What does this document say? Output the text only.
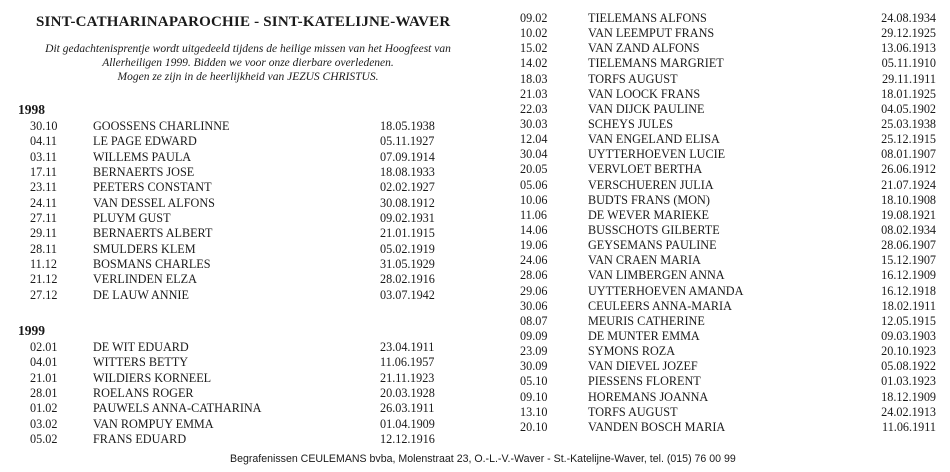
SINT-CATHARINAPAROCHIE - SINT-KATELIJNE-WAVER

Dit gedachtenisprentje wordt uitgedeeld tijdens de heilige missen van het Hoogfeest van

Allerheiligen 1999. Bidden we voor onze dierbare overledenen.

Mogen ze zijn in de heerlijkheid van JEZUS CHRISTUS.

1998
30.10	GOOSSENS CHARLINNE	18.05.1938
04.11	LE PAGE EDWARD	05.11.1927
03.11	WILLEMS PAULA	07.09.1914
17.11	BERNAERTS JOSE	18.08.1933
23.11	PEETERS CONSTANT	02.02.1927
24.11	VAN DESSEL ALFONS	30.08.1912
27.11	PLUYM GUST	09.02.1931
29.11	BERNAERTS ALBERT	21.01.1915
28.11	SMULDERS KLEM	05.02.1919
11.12	BOSMANS CHARLES	31.05.1929
21.12	VERLINDEN ELZA	28.02.1916
27.12	DE LAUW ANNIE	03.07.1942
1999
02.01	DE WIT EDUARD	23.04.1911
04.01	WITTERS BETTY	11.06.1957
21.01	WILDIERS KORNEEL	21.11.1923
28.01	ROELANS ROGER	20.03.1928
01.02	PAUWELS ANNA-CATHARINA	26.03.1911
03.02	VAN ROMPUY EMMA	01.04.1909
05.02	FRANS EDUARD	12.12.1916
09.02	TIELEMANS ALFONS	24.08.1934
10.02	VAN LEEMPUT FRANS	29.12.1925
15.02	VAN ZAND ALFONS	13.06.1913
14.02	TIELEMANS MARGRIET	05.11.1910
18.03	TORFS AUGUST	29.11.1911
21.03	VAN LOOCK FRANS	18.01.1925
22.03	VAN DIJCK PAULINE	04.05.1902
30.03	SCHEYS JULES	25.03.1938
12.04	VAN ENGELAND ELISA	25.12.1915
30.04	UYTTERHOEVEN LUCIE	08.01.1907
20.05	VERVLOET BERTHA	26.06.1912
05.06	VERSCHUEREN JULIA	21.07.1924
10.06	BUDTS FRANS (MON)	18.10.1908
11.06	DE WEVER MARIEKE	19.08.1921
14.06	BUSSCHOTS GILBERTE	08.02.1934
19.06	GEYSEMANS PAULINE	28.06.1907
24.06	VAN CRAEN MARIA	15.12.1907
28.06	VAN LIMBERGEN ANNA	16.12.1909
29.06	UYTTERHOEVEN AMANDA	16.12.1918
30.06	CEULEERS ANNA-MARIA	18.02.1911
08.07	MEURIS CATHERINE	12.05.1915
09.09	DE MUNTER EMMA	09.03.1903
23.09	SYMONS ROZA	20.10.1923
30.09	VAN DIEVEL JOZEF	05.08.1922
05.10	PIESSENS FLORENT	01.03.1923
09.10	HOREMANS JOANNA	18.12.1909
13.10	TORFS AUGUST	24.02.1913
20.10	VANDEN BOSCH MARIA	11.06.1911
Begrafenissen CEULEMANS bvba, Molenstraat 23, O.-L.-V.-Waver - St.-Katelijne-Waver, tel. (015) 76 00 99
